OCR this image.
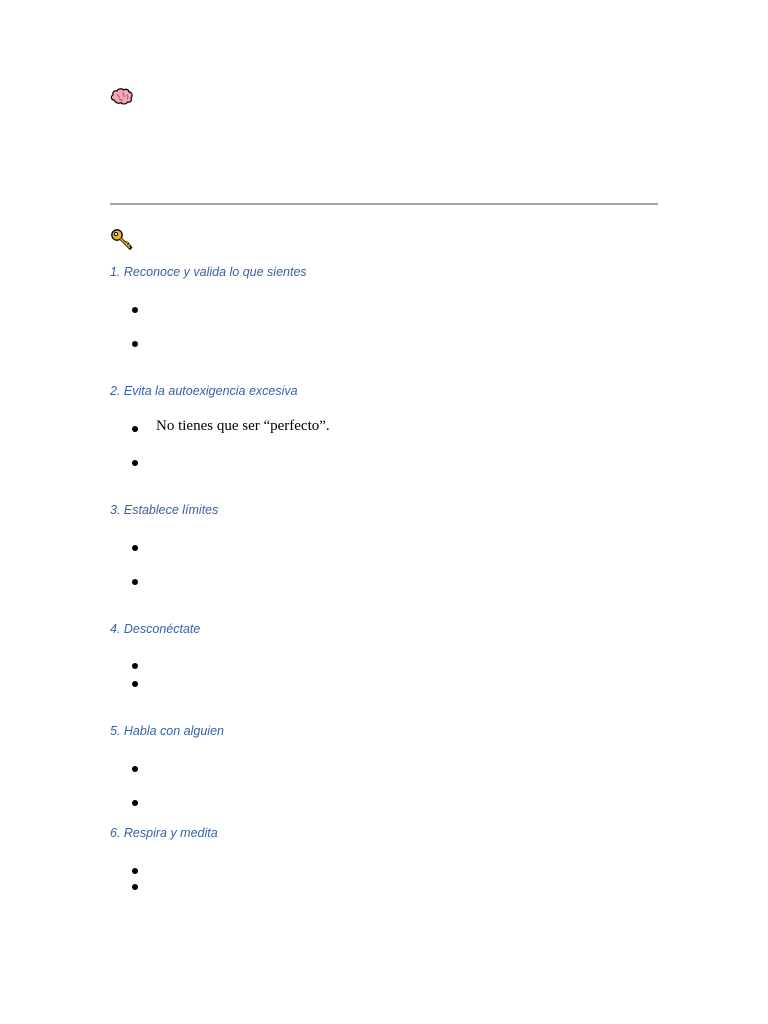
1. Reconoce y valida lo que sientes
2. Evita la autoexigencia excesiva
No tienes que ser “perfecto”.
3. Establece límites
4. Desconéctate
5. Habla con alguien
6. Respira y medita
